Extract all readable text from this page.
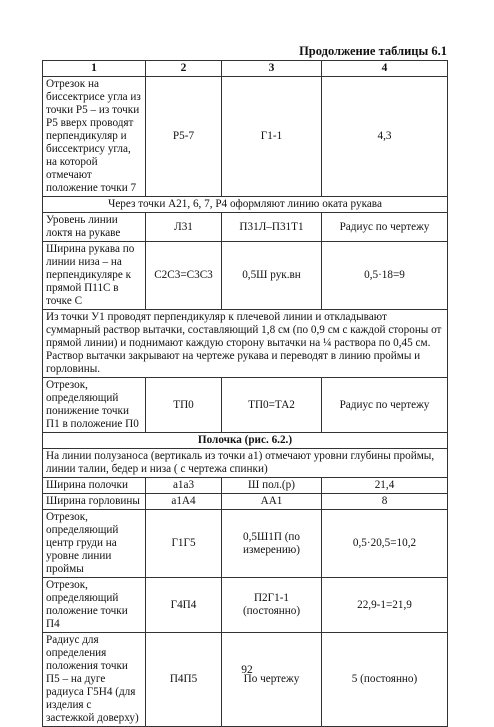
Продолжение таблицы 6.1
1	2	3	4
Отрезок на биссектрисе угла из точки Р5 – из точки Р5 вверх проводят перпендикуляр и биссектрису угла, на которой отмечают положение точки 7	Р5-7	Г1-1	4,3
Через точки А21, 6, 7, Р4 оформляют линию оката рукава			
Уровень линии локтя на рукаве	Л31	П31Л–П31Т1	Радиус по чертежу
Ширина рукава по линии низа – на перпендикуляре к прямой П11С в точке С	С2С3=С3С3	0,5Ш рук.вн	0,5·18=9
Из точки У1 проводят перпендикуляр к плечевой линии и откладывают суммарный раствор вытачки, составляющий 1,8 см (по 0,9 см с каждой стороны от прямой линии) и поднимают каждую сторону вытачки на ¼ раствора по 0,45 см. Раствор вытачки закрывают на чертеже рукава и переводят в линию проймы и горловины.			
Отрезок, определяющий понижение точки П1 в положение П0	ТП0	ТП0=ТА2	Радиус по чертежу
Полочка (рис. 6.2.)			
На линии полузаноса (вертикаль из точки а1) отмечают уровни глубины проймы, линии талии, бедер и низа ( с чертежа спинки)			
Ширина полочки	а1а3	Ш пол.(р)	21,4
Ширина горловины	а1А4	АА1	8
Отрезок, определяющий центр груди на уровне линии проймы	Г1Г5	0,5Ш1П (по измерению)	0,5·20,5=10,2
Отрезок, определяющий положение точки П4	Г4П4	П2Г1-1 (постоянно)	22,9-1=21,9
Радиус для определения положения точки П5 – на дуге радиуса Г5Н4 (для изделия с застежкой доверху)	П4П5	По чертежу	5 (постоянно)
92
